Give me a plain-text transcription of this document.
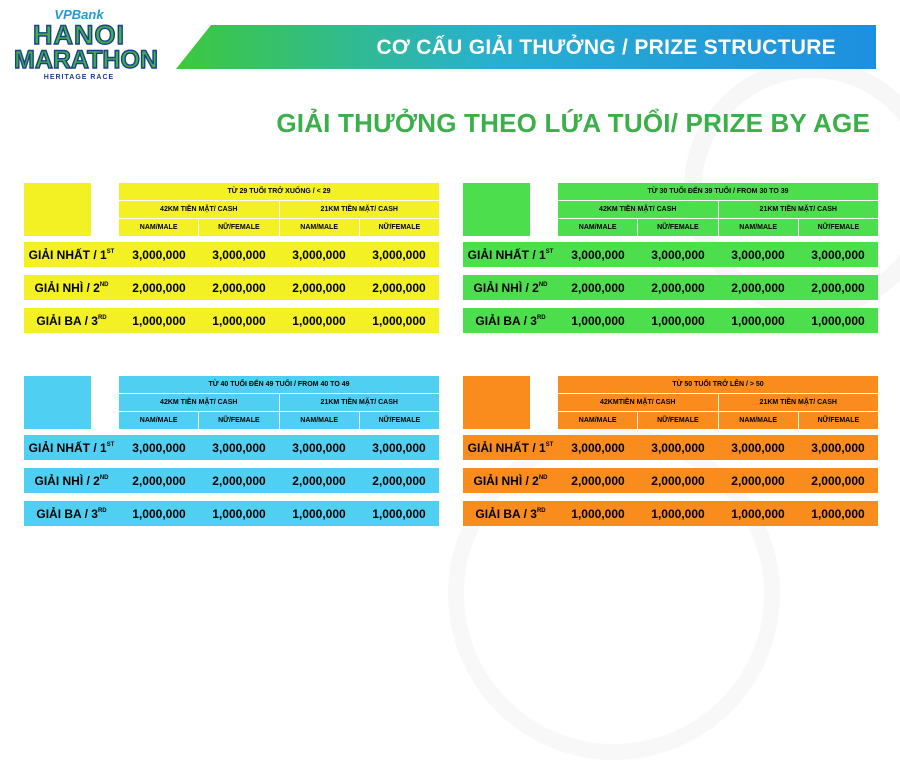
VPBank
HANOI
MARATHON
HERITAGE RACE
CƠ CẤU GIẢI THƯỞNG / PRIZE STRUCTURE
GIẢI THƯỞNG THEO LỨA TUỔI/ PRIZE BY AGE
TỪ 29 TUỔI TRỞ XUỐNG / < 29
42KM TIỀN MẶT/ CASH	21KM TIỀN MẶT/ CASH
NAM/MALE	NỮ/FEMALE	NAM/MALE	NỮ/FEMALE
GIẢI NHẤT / 1ST	3,000,000	3,000,000	3,000,000	3,000,000
GIẢI NHÌ / 2ND	2,000,000	2,000,000	2,000,000	2,000,000
GIẢI BA / 3RD	1,000,000	1,000,000	1,000,000	1,000,000
TỪ 30 TUỔI ĐẾN 39 TUỔI / FROM 30 TO 39
42KM TIỀN MẶT/ CASH	21KM TIỀN MẶT/ CASH
NAM/MALE	NỮ/FEMALE	NAM/MALE	NỮ/FEMALE
GIẢI NHẤT / 1ST	3,000,000	3,000,000	3,000,000	3,000,000
GIẢI NHÌ / 2ND	2,000,000	2,000,000	2,000,000	2,000,000
GIẢI BA / 3RD	1,000,000	1,000,000	1,000,000	1,000,000
TỪ 40 TUỔI ĐẾN 49 TUỔI / FROM 40 TO 49
42KM TIỀN MẶT/ CASH	21KM TIỀN MẶT/ CASH
NAM/MALE	NỮ/FEMALE	NAM/MALE	NỮ/FEMALE
GIẢI NHẤT / 1ST	3,000,000	3,000,000	3,000,000	3,000,000
GIẢI NHÌ / 2ND	2,000,000	2,000,000	2,000,000	2,000,000
GIẢI BA / 3RD	1,000,000	1,000,000	1,000,000	1,000,000
TỪ 50 TUỔI TRỞ LÊN / > 50
42KMTIỀN MẶT/ CASH	21KM TIỀN MẶT/ CASH
NAM/MALE	NỮ/FEMALE	NAM/MALE	NỮ/FEMALE
GIẢI NHẤT / 1ST	3,000,000	3,000,000	3,000,000	3,000,000
GIẢI NHÌ / 2ND	2,000,000	2,000,000	2,000,000	2,000,000
GIẢI BA / 3RD	1,000,000	1,000,000	1,000,000	1,000,000
